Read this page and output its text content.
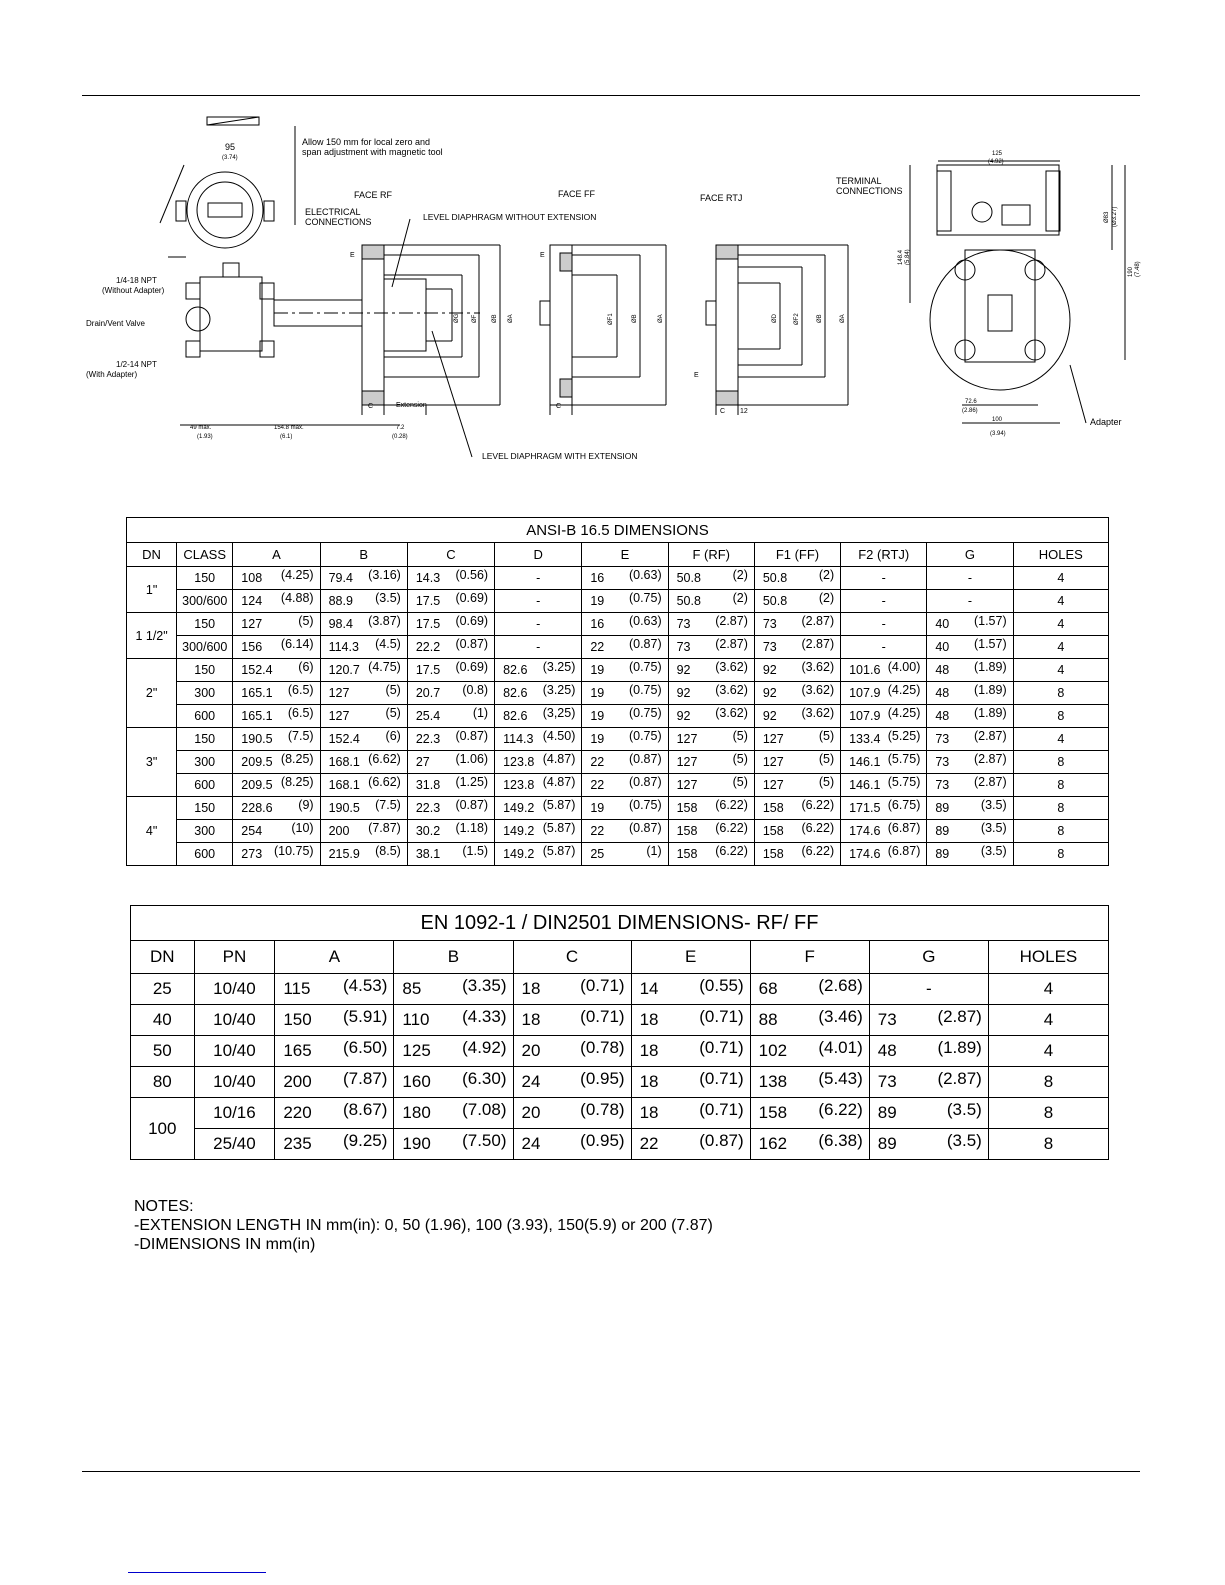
Allow 150 mm for local zero and
span adjustment with magnetic tool
95
(3.74)
ELECTRICAL
CONNECTIONS
FACE RF	FACE FF	FACE RTJ
LEVEL DIAPHRAGM WITHOUT EXTENSION
LEVEL DIAPHRAGM WITH EXTENSION
1/4-18 NPT
(Without Adapter)
Drain/Vent Valve
1/2-14 NPT
(With Adapter)
TERMINAL
CONNECTIONS
Adapter
Extension
C	C
C 12
E	E
E
49 máx.
(1.93)
154.8 máx.
(6.1)
7.2
(0.28)
125
(4.92)
72.6
(2.86)
100
(3.94)
148.4 (5.84)
190 (7.48)
Ø83 (Ø3.27)
ØG ØF ØB ØA	ØF1	ØB	ØA	ØD	ØF2	ØB	ØA
ANSI-B 16.5 DIMENSIONS											
DN	CLASS	A	B	C	D	E	F (RF)	F1 (FF)	F2 (RTJ)	G	HOLES
1"	150	108 (4.25)	79.4 (3.16)	14.3 (0.56)	-	16 (0.63)	50.8 (2)	50.8 (2)	-	-	4
	300/600	124 (4.88)	88.9 (3.5)	17.5 (0.69)	-	19 (0.75)	50.8 (2)	50.8 (2)	-	-	4
1 1/2"	150	127 (5)	98.4 (3.87)	17.5 (0.69)	-	16 (0.63)	73 (2.87)	73 (2.87)	-	40 (1.57)	4
	300/600	156 (6.14)	114.3 (4.5)	22.2 (0.87)	-	22 (0.87)	73 (2.87)	73 (2.87)	-	40 (1.57)	4
2"	150	152.4 (6)	120.7 (4.75)	17.5 (0.69)	82.6 (3.25)	19 (0.75)	92 (3.62)	92 (3.62)	101.6 (4.00)	48 (1.89)	4
	300	165.1 (6.5)	127 (5)	20.7 (0.8)	82.6 (3.25)	19 (0.75)	92 (3.62)	92 (3.62)	107.9 (4.25)	48 (1.89)	8
	600	165.1 (6.5)	127 (5)	25.4 (1)	82.6 (3,25)	19 (0.75)	92 (3.62)	92 (3.62)	107.9 (4.25)	48 (1.89)	8
3"	150	190.5 (7.5)	152.4 (6)	22.3 (0.87)	114.3 (4.50)	19 (0.75)	127 (5)	127 (5)	133.4 (5.25)	73 (2.87)	4
	300	209.5 (8.25)	168.1 (6.62)	27 (1.06)	123.8 (4.87)	22 (0.87)	127 (5)	127 (5)	146.1 (5.75)	73 (2.87)	8
	600	209.5 (8.25)	168.1 (6.62)	31.8 (1.25)	123.8 (4.87)	22 (0.87)	127 (5)	127 (5)	146.1 (5.75)	73 (2.87)	8
4"	150	228.6 (9)	190.5 (7.5)	22.3 (0.87)	149.2 (5.87)	19 (0.75)	158 (6.22)	158 (6.22)	171.5 (6.75)	89 (3.5)	8
	300	254 (10)	200 (7.87)	30.2 (1.18)	149.2 (5.87)	22 (0.87)	158 (6.22)	158 (6.22)	174.6 (6.87)	89 (3.5)	8
	600	273 (10.75)	215.9 (8.5)	38.1 (1.5)	149.2 (5.87)	25 (1)	158 (6.22)	158 (6.22)	174.6 (6.87)	89 (3.5)	8
EN 1092-1 / DIN2501 DIMENSIONS- RF/ FF								
DN	PN	A	B	C	E	F	G	HOLES
25	10/40	115 (4.53)	85 (3.35)	18 (0.71)	14 (0.55)	68 (2.68)	-	4
40	10/40	150 (5.91)	110 (4.33)	18 (0.71)	18 (0.71)	88 (3.46)	73 (2.87)	4
50	10/40	165 (6.50)	125 (4.92)	20 (0.78)	18 (0.71)	102 (4.01)	48 (1.89)	4
80	10/40	200 (7.87)	160 (6.30)	24 (0.95)	18 (0.71)	138 (5.43)	73 (2.87)	8
100	10/16	220 (8.67)	180 (7.08)	20 (0.78)	18 (0.71)	158 (6.22)	89 (3.5)	8
	25/40	235 (9.25)	190 (7.50)	24 (0.95)	22 (0.87)	162 (6.38)	89 (3.5)	8
NOTES:
-EXTENSION LENGTH IN mm(in): 0, 50 (1.96), 100 (3.93), 150(5.9) or 200 (7.87)
-DIMENSIONS IN mm(in)
